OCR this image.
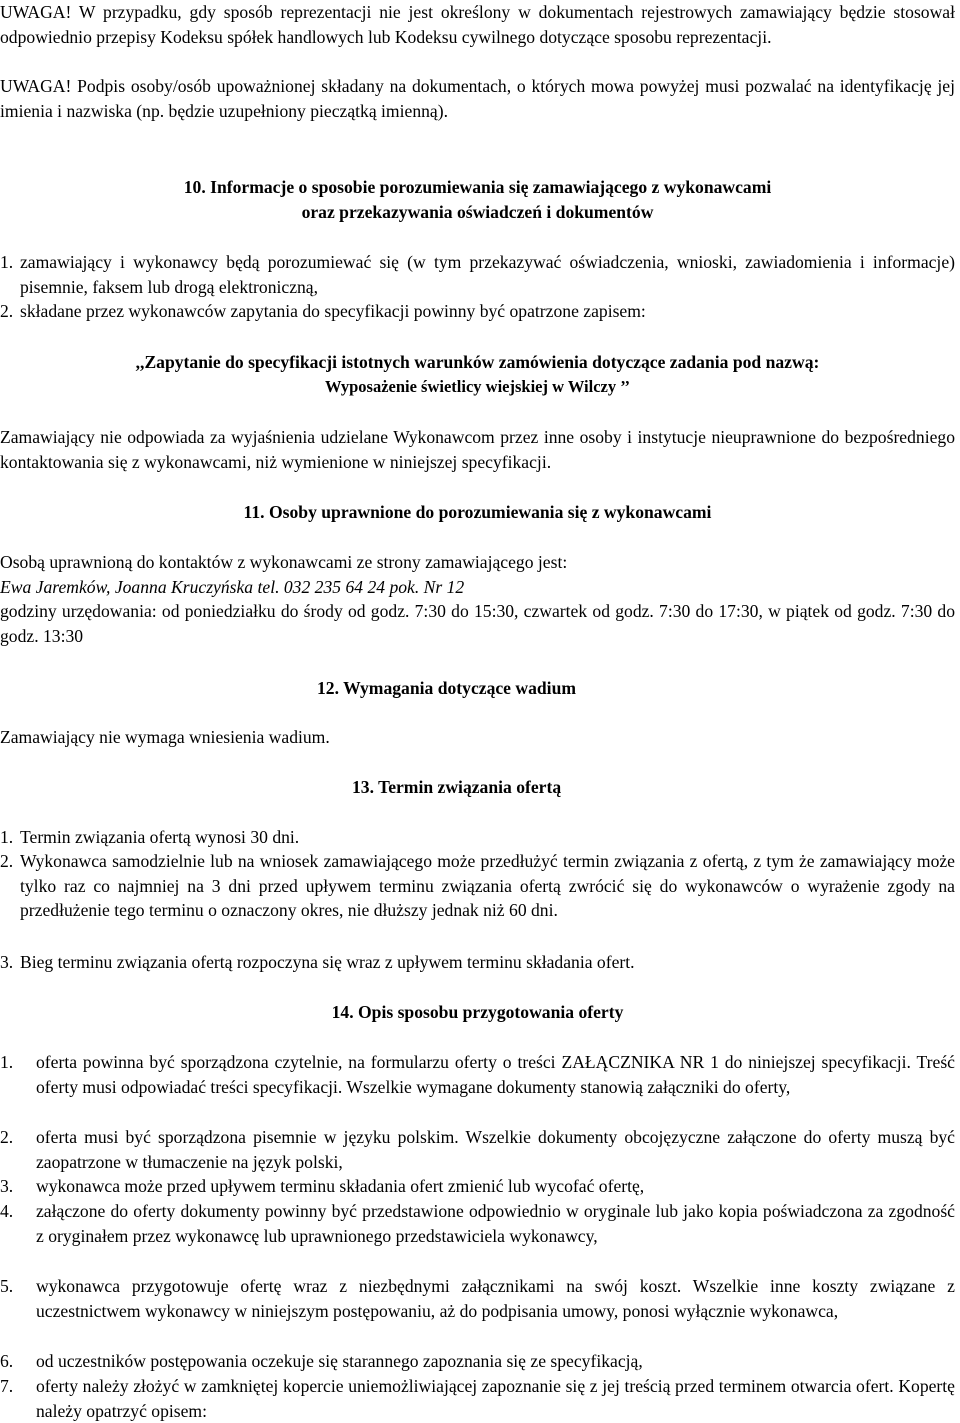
UWAGA! W przypadku, gdy sposób reprezentacji nie jest określony w dokumentach rejestrowych zamawiający będzie stosował odpowiednio przepisy Kodeksu spółek handlowych lub Kodeksu cywilnego dotyczące sposobu reprezentacji.

UWAGA! Podpis osoby/osób upoważnionej składany na dokumentach, o których mowa powyżej musi pozwalać na identyfikację jej imienia i nazwiska (np. będzie uzupełniony pieczątką imienną).

10. Informacje o sposobie porozumiewania się zamawiającego z wykonawcami
oraz przekazywania oświadczeń i dokumentów
1. zamawiający i wykonawcy będą porozumiewać się (w tym przekazywać oświadczenia, wnioski, zawiadomienia i informacje) pisemnie, faksem lub drogą elektroniczną,
2. składane przez wykonawców zapytania do specyfikacji powinny być opatrzone zapisem:
,,Zapytanie do specyfikacji istotnych warunków zamówienia dotyczące zadania pod nazwą:
Wyposażenie świetlicy wiejskiej w Wilczy ’’

Zamawiający nie odpowiada za wyjaśnienia udzielane Wykonawcom przez inne osoby i instytucje nieuprawnione do bezpośredniego kontaktowania się z wykonawcami, niż wymienione w niniejszej specyfikacji.

11. Osoby uprawnione do porozumiewania się z wykonawcami
Osobą uprawnioną do kontaktów z wykonawcami ze strony zamawiającego jest:
Ewa Jaremków, Joanna Kruczyńska tel. 032 235 64 24 pok. Nr 12

godziny urzędowania: od poniedziałku do środy od godz. 7:30 do 15:30, czwartek od godz. 7:30 do 17:30, w piątek od godz. 7:30 do godz. 13:30

12. Wymagania dotyczące wadium
Zamawiający nie wymaga wniesienia wadium.
13. Termin związania ofertą
1. Termin związania ofertą wynosi 30 dni.
2. Wykonawca samodzielnie lub na wniosek zamawiającego może przedłużyć termin związania z ofertą, z tym że zamawiający może tylko raz co najmniej na 3 dni przed upływem terminu związania ofertą zwrócić się do wykonawców o wyrażenie zgody na przedłużenie tego terminu o oznaczony okres, nie dłuższy jednak niż 60 dni.
3. Bieg terminu związania ofertą rozpoczyna się wraz z upływem terminu składania ofert.
14. Opis sposobu przygotowania oferty
1. oferta powinna być sporządzona czytelnie, na formularzu oferty o treści ZAŁĄCZNIKA NR 1 do niniejszej specyfikacji. Treść oferty musi odpowiadać treści specyfikacji. Wszelkie wymagane dokumenty stanowią załączniki do oferty,
2. oferta musi być sporządzona pisemnie w języku polskim. Wszelkie dokumenty obcojęzyczne załączone do oferty muszą być zaopatrzone w tłumaczenie na język polski,
3. wykonawca może przed upływem terminu składania ofert zmienić lub wycofać ofertę,
4. załączone do oferty dokumenty powinny być przedstawione odpowiednio w oryginale lub jako kopia poświadczona za zgodność z oryginałem przez wykonawcę lub uprawnionego przedstawiciela wykonawcy,
5. wykonawca przygotowuje ofertę wraz z niezbędnymi załącznikami na swój koszt. Wszelkie inne koszty związane z uczestnictwem wykonawcy w niniejszym postępowaniu, aż do podpisania umowy, ponosi wyłącznie wykonawca,
6. od uczestników postępowania oczekuje się starannego zapoznania się ze specyfikacją,
7. oferty należy złożyć w zamkniętej kopercie uniemożliwiającej zapoznanie się z jej treścią przed terminem otwarcia ofert. Kopertę należy opatrzyć opisem:
